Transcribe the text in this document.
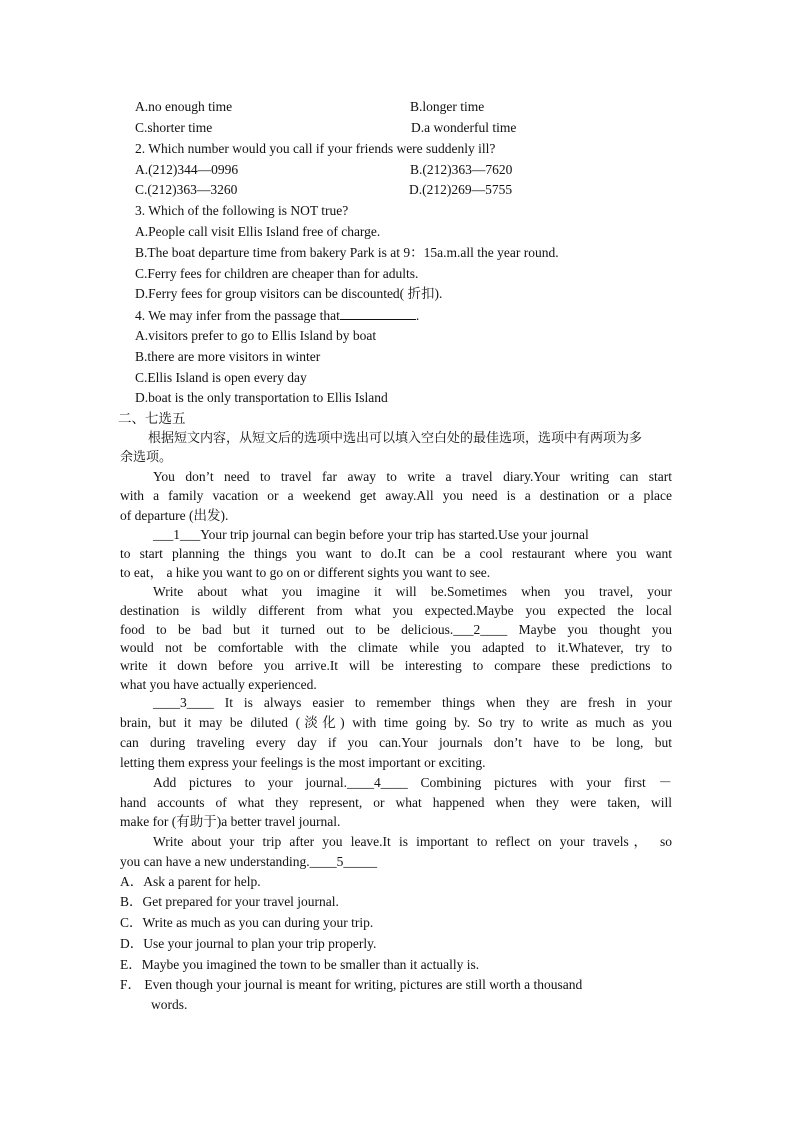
A.no enough time	B.longer time
C.shorter time	D.a wonderful time
2. Which number would you call if your friends were suddenly ill?
A.(212)344—0996	B.(212)363—7620
C.(212)363—3260	D.(212)269—5755
3. Which of the following is NOT true?
A.People call visit Ellis Island free of charge.
B.The boat departure time from bakery Park is at 9：15a.m.all the year round.
C.Ferry fees for children are cheaper than for adults.
D.Ferry fees for group visitors can be discounted( 折扣).
4. We may infer from the passage that	.
A.visitors prefer to go to Ellis Island by boat
B.there are more visitors in winter
C.Ellis Island is open every day
D.boat is the only transportation to Ellis Island
二、七选五
根据短文内容，从短文后的选项中选出可以填入空白处的最佳选项，选项中有两项为多
余选项。
You don’t need to travel far away to write a travel diary.Your writing can start
with a family vacation or a weekend get away.All you need is a destination or a place
of departure (出发).
___1___Your trip journal can begin before your trip has started.Use your journal
to start planning the things you want to do.It can be a cool restaurant where you want
to eat， a hike you want to go on or different sights you want to see.
Write about what you imagine it will be.Sometimes when you travel, your
destination is wildly different from what you expected.Maybe you expected the local
food to be bad but it turned out to be delicious.___2____ Maybe you thought you
would not be comfortable with the climate while you adapted to it.Whatever, try to
write it down before you arrive.It will be interesting to compare these predictions to
what you have actually experienced.
____3____ It is always easier to remember things when they are fresh in your
brain, but it may be diluted (淡化) with time going by. So try to write as much as you
can during traveling every day if you can.Your journals don’t have to be long, but
letting them express your feelings is the most important or exciting.
Add pictures to your journal.____4____ Combining pictures with your first －
hand accounts of what they represent, or what happened when they were taken, will
make for (有助于)a better travel journal.
Write about your trip after you leave.It is important to reflect on your travels， so
you can have a new understanding.____5_____
A．Ask a parent for help.
B．Get prepared for your travel journal.
C．Write as much as you can during your trip.
D．Use your journal to plan your trip properly.
E．Maybe you imagined the town to be smaller than it actually is.
F． Even though your journal is meant for writing, pictures are still worth a thousand
words.
